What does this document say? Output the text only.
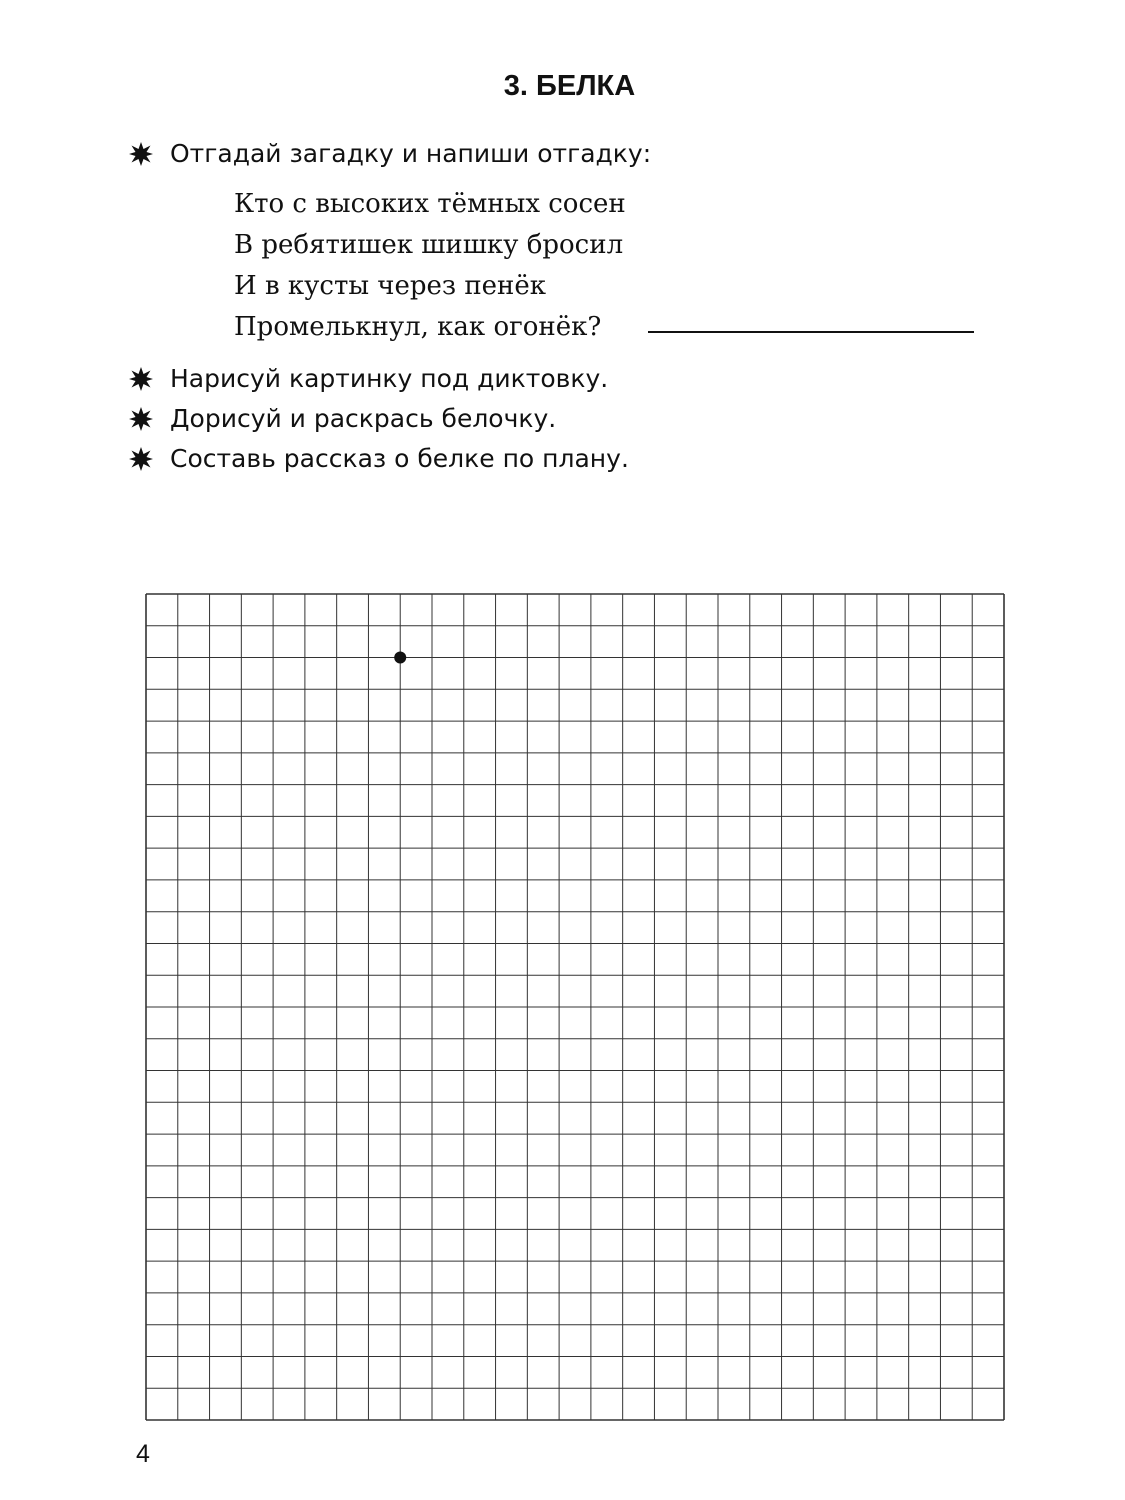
3. БЕЛКА
Отгадай загадку и напиши отгадку:
Кто с высоких тёмных сосен
В ребятишек шишку бросил
И в кусты через пенёк
Промелькнул, как огонёк?
Нарисуй картинку под диктовку.
Дорисуй и раскрась белочку.
Составь рассказ о белке по плану.
4
